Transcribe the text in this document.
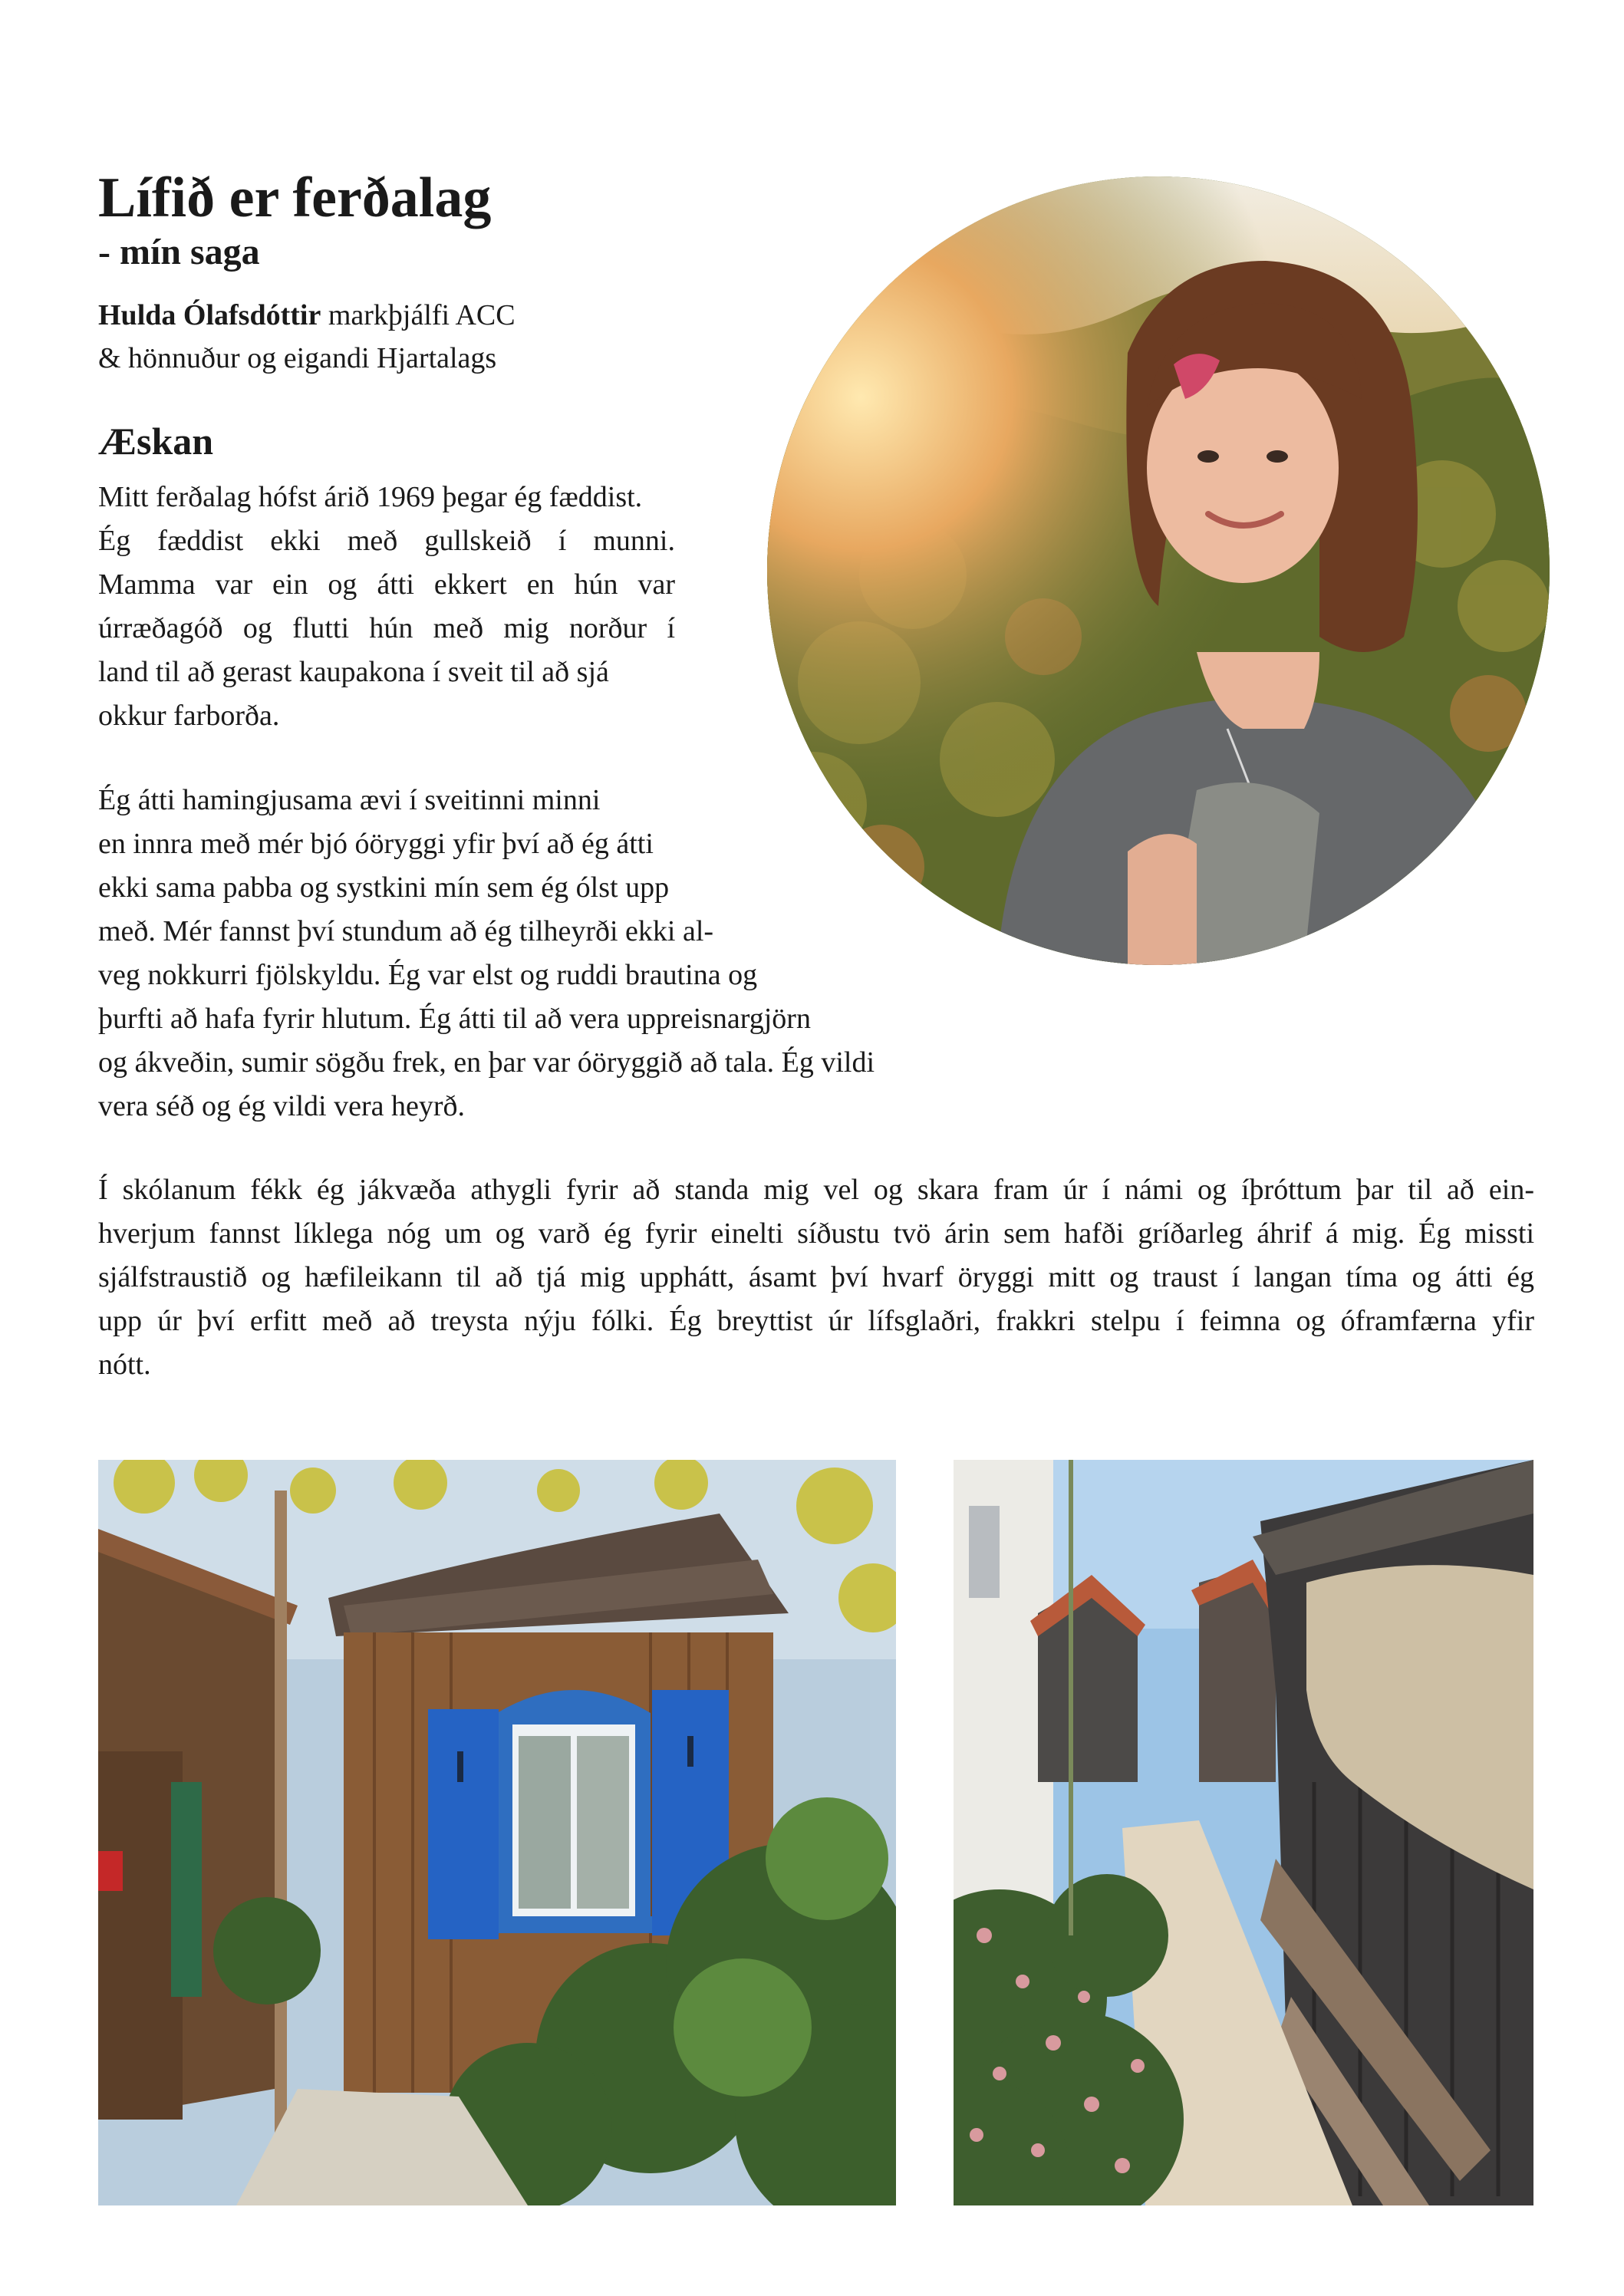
Lífið er ferðalag
- mín saga
Hulda Ólafsdóttir markþjálfi ACC
& hönnuður og eigandi Hjartalags
Æskan

Mitt ferðalag hófst árið 1969 þegar ég fæddist.
Ég fæddist ekki með gullskeið í munni.
Mamma var ein og átti ekkert en hún var
úrræðagóð og flutti hún með mig norður í
land til að gerast kaupakona í sveit til að sjá
okkur farborða.

Ég átti hamingjusama ævi í sveitinni minni
en innra með mér bjó óöryggi yfir því að ég átti
ekki sama pabba og systkini mín sem ég ólst upp
með. Mér fannst því stundum að ég tilheyrði ekki al-
veg nokkurri fjölskyldu. Ég var elst og ruddi brautina og
þurfti að hafa fyrir hlutum. Ég átti til að vera uppreisnargjörn
og ákveðin, sumir sögðu frek, en þar var óöryggið að tala. Ég vildi
vera séð og ég vildi vera heyrð.

Í skólanum fékk ég jákvæða athygli fyrir að standa mig vel og skara fram úr í námi og íþróttum þar til að ein-
hverjum fannst líklega nóg um og varð ég fyrir einelti síðustu tvö árin sem hafði gríðarleg áhrif á mig. Ég missti
sjálfstraustið og hæfileikann til að tjá mig upphátt, ásamt því hvarf öryggi mitt og traust í langan tíma og átti ég
upp úr því erfitt með að treysta nýju fólki. Ég breyttist úr lífsglaðri, frakkri stelpu í feimna og óframfærna yfir
nótt.
